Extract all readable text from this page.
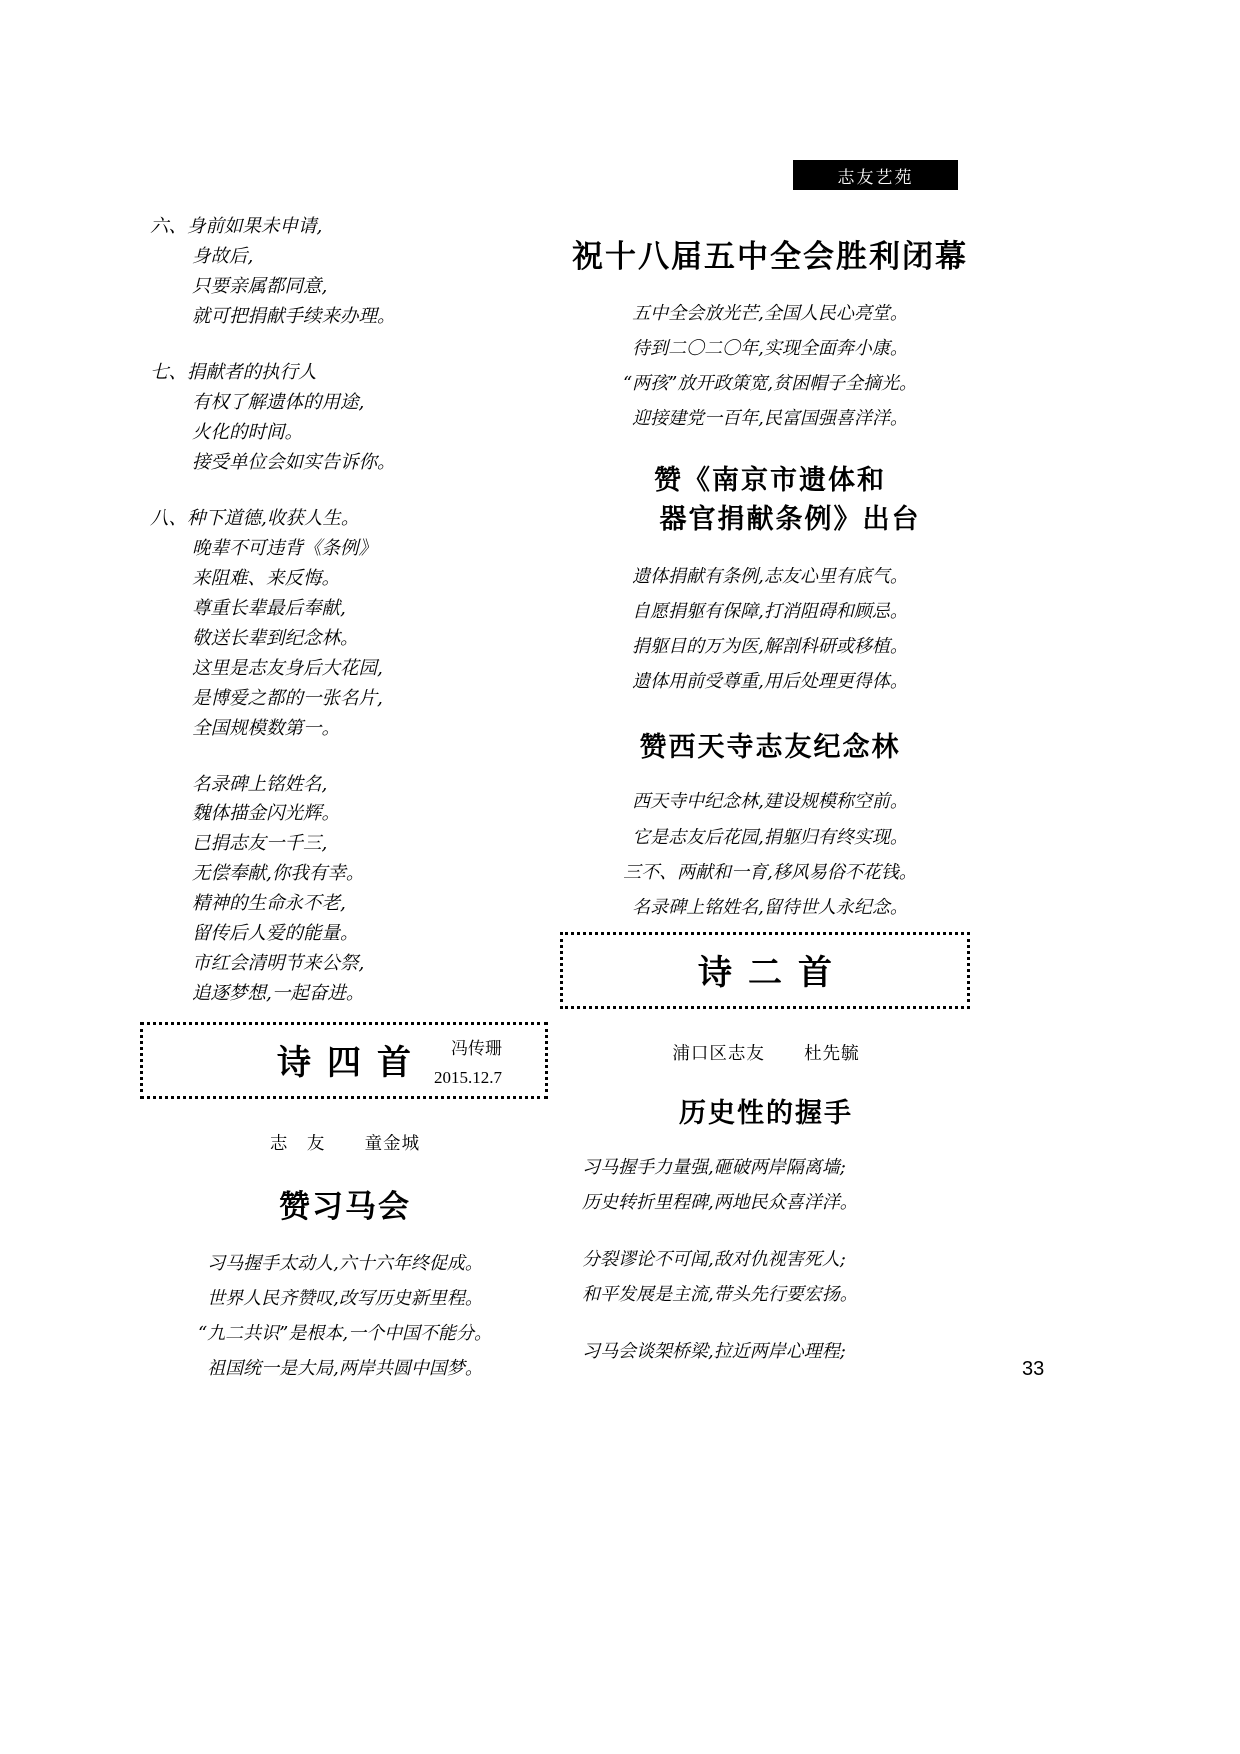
志友艺苑
六、身前如果未申请,
身故后,
只要亲属都同意,
就可把捐献手续来办理。
七、捐献者的执行人
有权了解遗体的用途,
火化的时间。
接受单位会如实告诉你。
八、种下道德,收获人生。
晚辈不可违背《条例》
来阻难、来反悔。
尊重长辈最后奉献,
敬送长辈到纪念林。
这里是志友身后大花园,
是博爱之都的一张名片,
全国规模数第一。
名录碑上铭姓名,
魏体描金闪光辉。
已捐志友一千三,
无偿奉献,你我有幸。
精神的生命永不老,
留传后人爱的能量。
市红会清明节来公祭,
追逐梦想,一起奋进。
冯传珊
2015.12.7
诗四首
志　友 童金城
赞习马会
习马握手太动人,六十六年终促成。
世界人民齐赞叹,改写历史新里程。
“九二共识”是根本,一个中国不能分。
祖国统一是大局,两岸共圆中国梦。
祝十八届五中全会胜利闭幕
五中全会放光芒,全国人民心亮堂。
待到二〇二〇年,实现全面奔小康。
“两孩”放开政策宽,贫困帽子全摘光。
迎接建党一百年,民富国强喜洋洋。
赞《南京市遗体和
器官捐献条例》出台
遗体捐献有条例,志友心里有底气。
自愿捐躯有保障,打消阻碍和顾忌。
捐躯目的万为医,解剖科研或移植。
遗体用前受尊重,用后处理更得体。
赞西天寺志友纪念林
西天寺中纪念林,建设规模称空前。
它是志友后花园,捐躯归有终实现。
三不、两献和一育,移风易俗不花钱。
名录碑上铭姓名,留待世人永纪念。
诗二首
浦口区志友 杜先毓
历史性的握手
习马握手力量强,砸破两岸隔离墙;
历史转折里程碑,两地民众喜洋洋。
分裂谬论不可闻,敌对仇视害死人;
和平发展是主流,带头先行要宏扬。
习马会谈架桥梁,拉近两岸心理程;
33
